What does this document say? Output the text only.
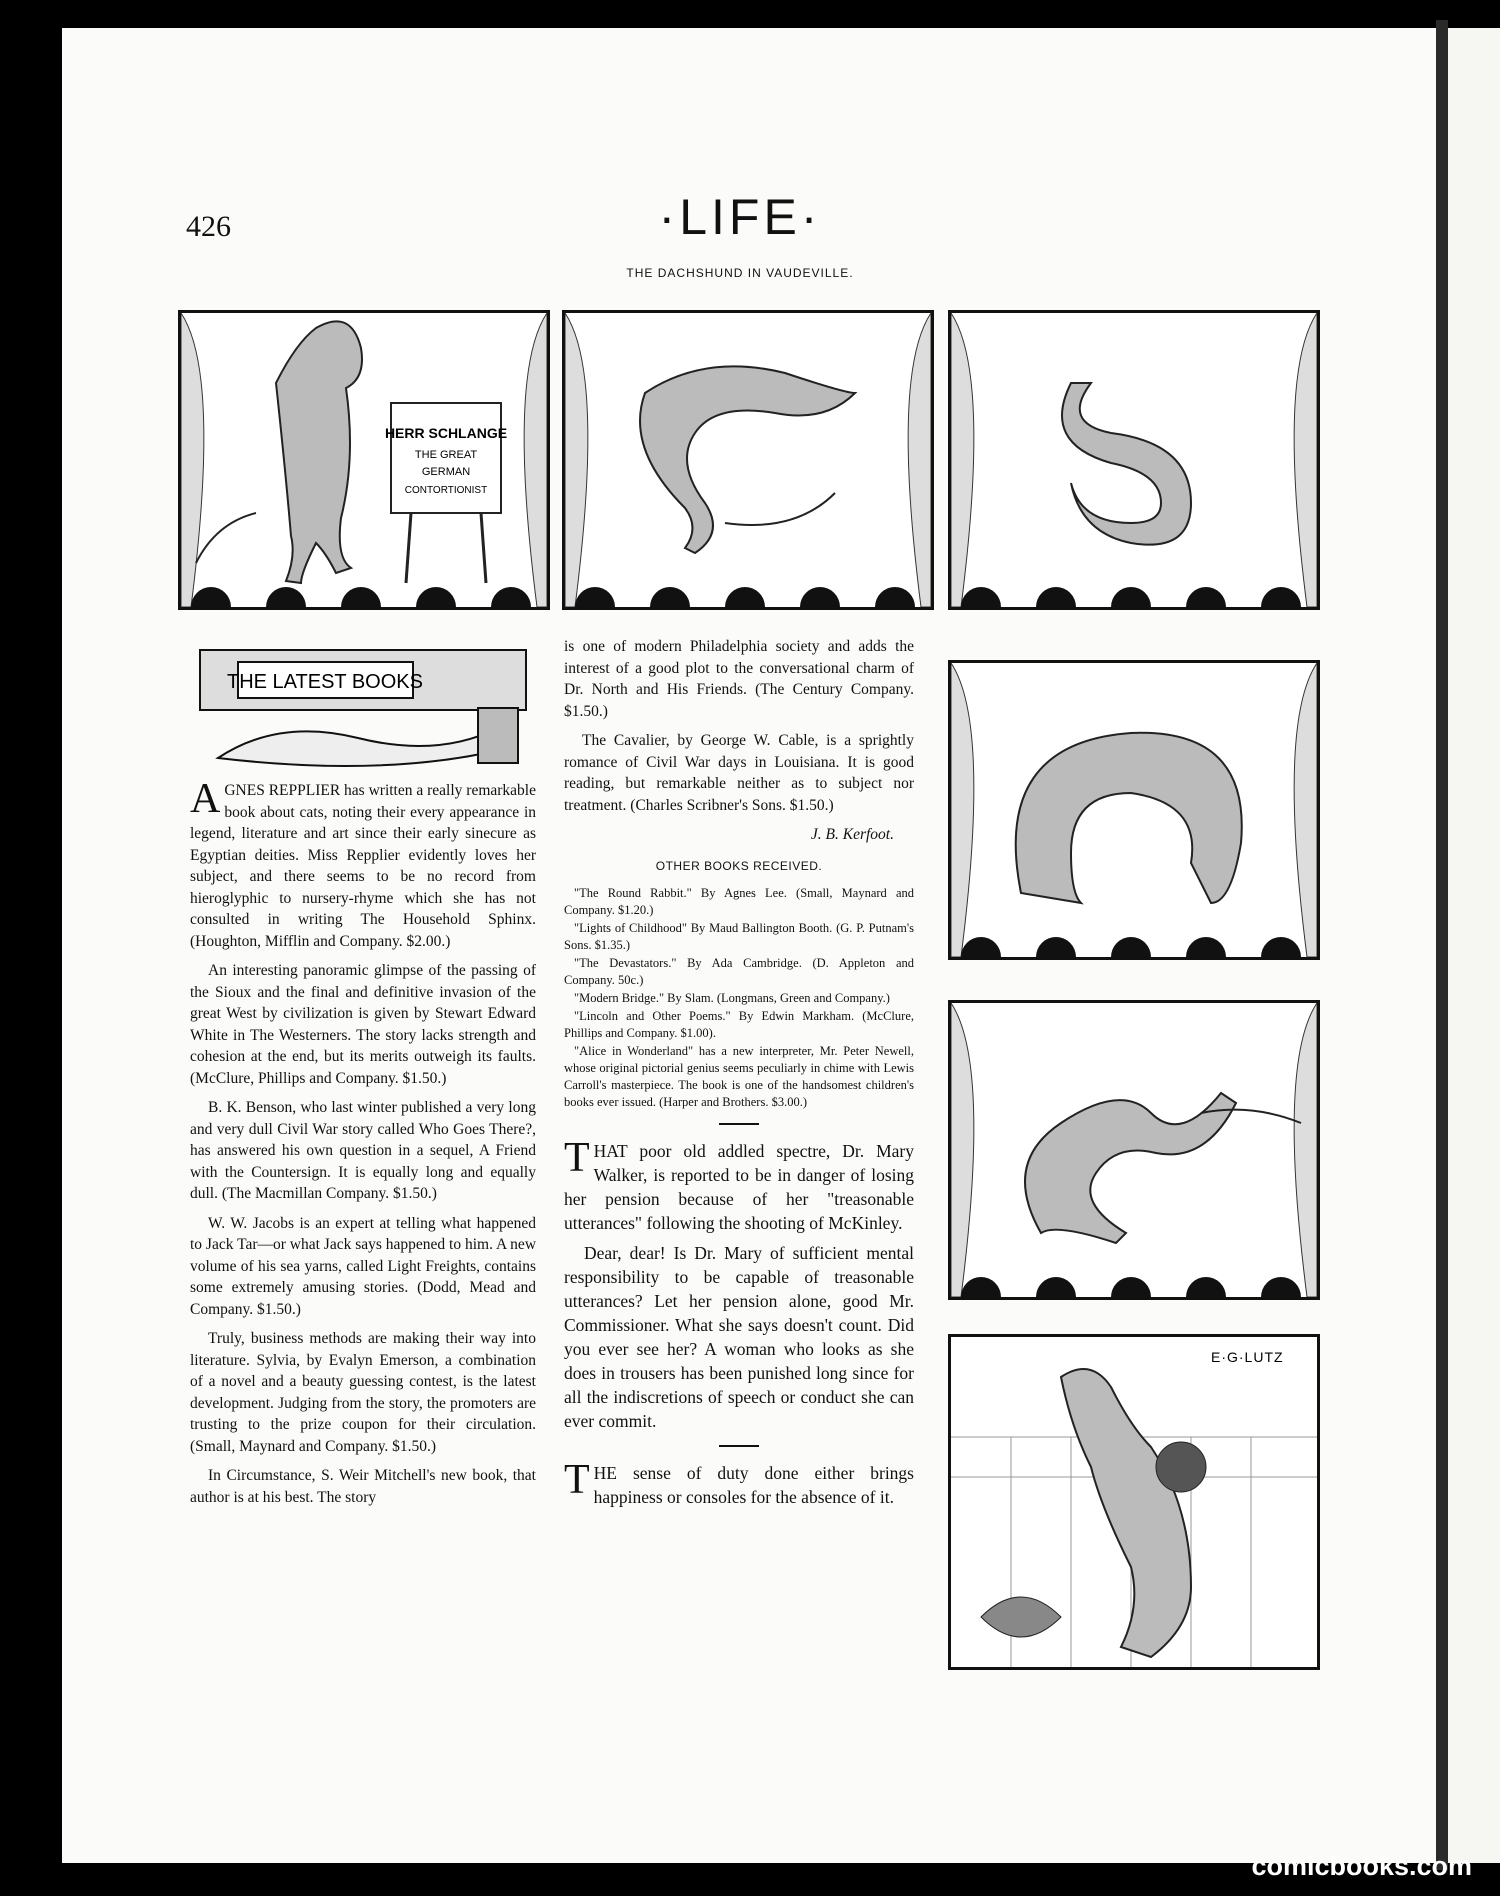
426	·LIFE·
THE DACHSHUND IN VAUDEVILLE.
HERR SCHLANGE
THE GREAT
GERMAN
CONTORTIONIST
E·G·LUTZ
THE LATEST BOOKS

AGNES REPPLIER has written a really remarkable book about cats, noting their every appearance in legend, literature and art since their early sinecure as Egyptian deities. Miss Repplier evidently loves her subject, and there seems to be no record from hieroglyphic to nursery-rhyme which she has not consulted in writing The Household Sphinx. (Houghton, Mifflin and Company. $2.00.)

An interesting panoramic glimpse of the passing of the Sioux and the final and definitive invasion of the great West by civilization is given by Stewart Edward White in The Westerners. The story lacks strength and cohesion at the end, but its merits outweigh its faults. (McClure, Phillips and Company. $1.50.)

B. K. Benson, who last winter published a very long and very dull Civil War story called Who Goes There?, has answered his own question in a sequel, A Friend with the Countersign. It is equally long and equally dull. (The Macmillan Company. $1.50.)

W. W. Jacobs is an expert at telling what happened to Jack Tar—or what Jack says happened to him. A new volume of his sea yarns, called Light Freights, contains some extremely amusing stories. (Dodd, Mead and Company. $1.50.)

Truly, business methods are making their way into literature. Sylvia, by Evalyn Emerson, a combination of a novel and a beauty guessing contest, is the latest development. Judging from the story, the promoters are trusting to the prize coupon for their circulation. (Small, Maynard and Company. $1.50.)

In Circumstance, S. Weir Mitchell's new book, that author is at his best. The story

is one of modern Philadelphia society and adds the interest of a good plot to the conversational charm of Dr. North and His Friends. (The Century Company. $1.50.)

The Cavalier, by George W. Cable, is a sprightly romance of Civil War days in Louisiana. It is good reading, but remarkable neither as to subject nor treatment. (Charles Scribner's Sons. $1.50.)

J. B. Kerfoot.
OTHER BOOKS RECEIVED.

"The Round Rabbit." By Agnes Lee. (Small, Maynard and Company. $1.20.)

"Lights of Childhood" By Maud Ballington Booth. (G. P. Putnam's Sons. $1.35.)

"The Devastators." By Ada Cambridge. (D. Appleton and Company. 50c.)

"Modern Bridge." By Slam. (Longmans, Green and Company.)

"Lincoln and Other Poems." By Edwin Markham. (McClure, Phillips and Company. $1.00).

"Alice in Wonderland" has a new interpreter, Mr. Peter Newell, whose original pictorial genius seems peculiarly in chime with Lewis Carroll's masterpiece. The book is one of the handsomest children's books ever issued. (Harper and Brothers. $3.00.)

THAT poor old addled spectre, Dr. Mary Walker, is reported to be in danger of losing her pension because of her "treasonable utterances" following the shooting of McKinley.

Dear, dear! Is Dr. Mary of sufficient mental responsibility to be capable of treasonable utterances? Let her pension alone, good Mr. Commissioner. What she says doesn't count. Did you ever see her? A woman who looks as she does in trousers has been punished long since for all the indiscretions of speech or conduct she can ever commit.

THE sense of duty done either brings happiness or consoles for the absence of it.

comicbooks.com
